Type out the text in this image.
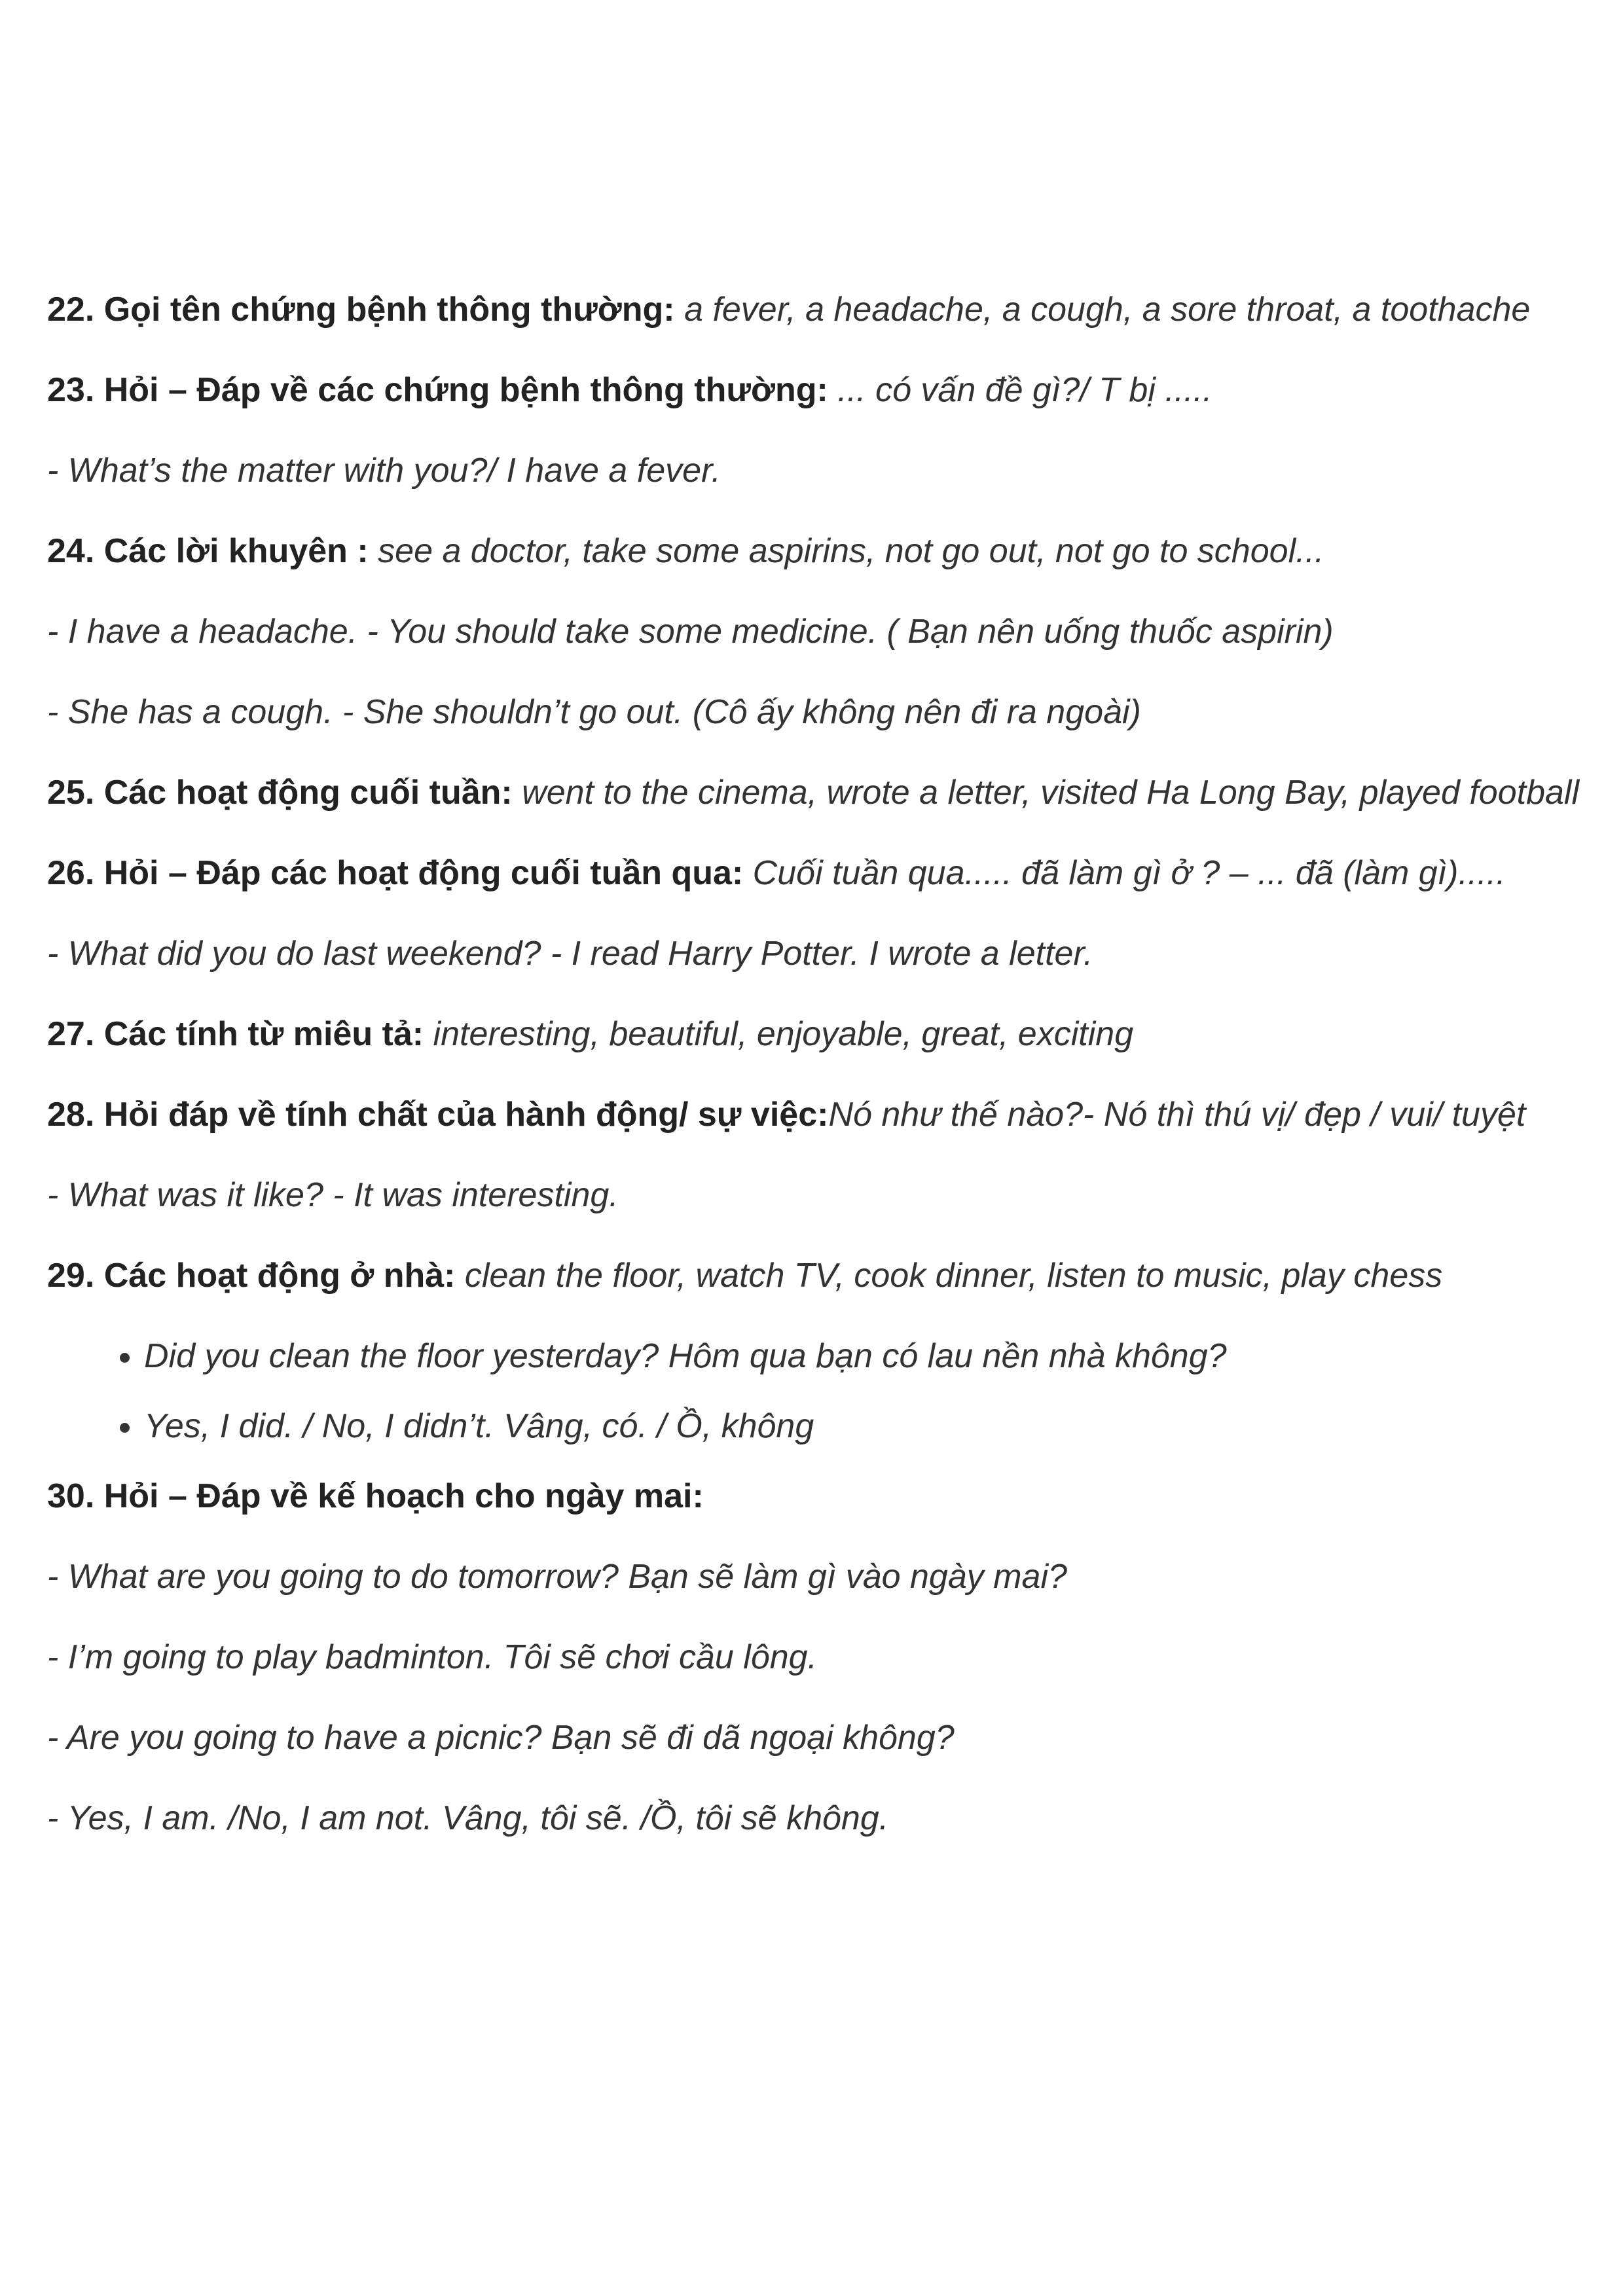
22. Gọi tên chứng bệnh thông thường: a fever, a headache, a cough, a sore throat, a toothache

23. Hỏi – Đáp về các chứng bệnh thông thường: ... có vấn đề gì?/ T bị .....

- What’s the matter with you?/ I have a fever.

24. Các lời khuyên : see a doctor, take some aspirins, not go out, not go to school...

- I have a headache. - You should take some medicine. ( Bạn nên uống thuốc aspirin)

- She has a cough. - She shouldn’t go out. (Cô ấy không nên đi ra ngoài)

25. Các hoạt động cuối tuần: went to the cinema, wrote a letter, visited Ha Long Bay, played football

26. Hỏi – Đáp các hoạt động cuối tuần qua: Cuối tuần qua..... đã làm gì ở ? – ... đã (làm gì).....

- What did you do last weekend? - I read Harry Potter. I wrote a letter.

27. Các tính từ miêu tả: interesting, beautiful, enjoyable, great, exciting

28. Hỏi đáp về tính chất của hành động/ sự việc:Nó như thế nào?- Nó thì thú vị/ đẹp / vui/ tuyệt

- What was it like? - It was interesting.

29. Các hoạt động ở nhà: clean the floor, watch TV, cook dinner, listen to music, play chess

• Did you clean the floor yesterday? Hôm qua bạn có lau nền nhà không?
• Yes, I did. / No, I didn’t. Vâng, có. / Ồ, không

30. Hỏi – Đáp về kế hoạch cho ngày mai:

- What are you going to do tomorrow? Bạn sẽ làm gì vào ngày mai?

- I’m going to play badminton. Tôi sẽ chơi cầu lông.

- Are you going to have a picnic? Bạn sẽ đi dã ngoại không?

- Yes, I am. /No, I am not. Vâng, tôi sẽ. /Ồ, tôi sẽ không.
